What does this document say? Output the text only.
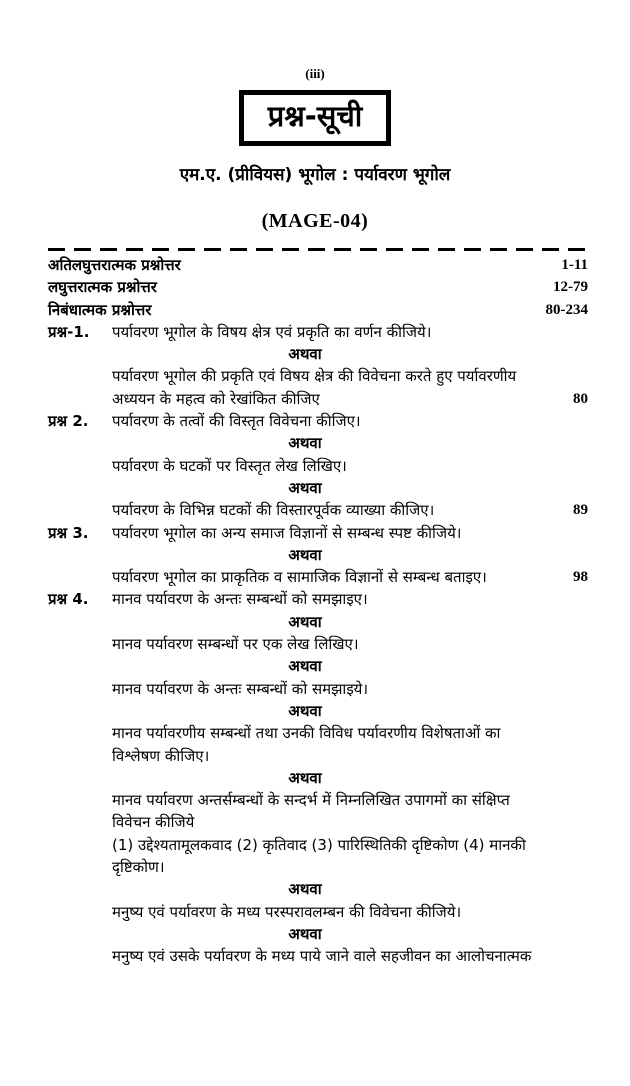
(iii)
प्रश्न-सूची
एम.ए. (प्रीवियस) भूगोल : पर्यावरण भूगोल
(MAGE-04)
अतिलघुत्तरात्मक प्रश्नोत्तर	1-11
लघुत्तरात्मक प्रश्नोत्तर	12-79
निबंधात्मक प्रश्नोत्तर	80-234
प्रश्न-1. पर्यावरण भूगोल के विषय क्षेत्र एवं प्रकृति का वर्णन कीजिये।
अथवा
पर्यावरण भूगोल की प्रकृति एवं विषय क्षेत्र की विवेचना करते हुए पर्यावरणीय
अध्ययन के महत्व को रेखांकित कीजिए	80
प्रश्न 2. पर्यावरण के तत्वों की विस्तृत विवेचना कीजिए।
अथवा
पर्यावरण के घटकों पर विस्तृत लेख लिखिए।
अथवा
पर्यावरण के विभिन्न घटकों की विस्तारपूर्वक व्याख्या कीजिए।	89
प्रश्न 3. पर्यावरण भूगोल का अन्य समाज विज्ञानों से सम्बन्ध स्पष्ट कीजिये।
अथवा
पर्यावरण भूगोल का प्राकृतिक व सामाजिक विज्ञानों से सम्बन्ध बताइए।	98
प्रश्न 4. मानव पर्यावरण के अन्तः सम्बन्धों को समझाइए।
अथवा
मानव पर्यावरण सम्बन्धों पर एक लेख लिखिए।
अथवा
मानव पर्यावरण के अन्तः सम्बन्धों को समझाइये।
अथवा
मानव पर्यावरणीय सम्बन्धों तथा उनकी विविध पर्यावरणीय विशेषताओं का
विश्लेषण कीजिए।
अथवा
मानव पर्यावरण अन्तर्सम्बन्धों के सन्दर्भ में निम्नलिखित उपागमों का संक्षिप्त
विवेचन कीजिये
(1) उद्देश्यतामूलकवाद (2) कृतिवाद (3) पारिस्थितिकी दृष्टिकोण (4) मानकी
दृष्टिकोण।
अथवा
मनुष्य एवं पर्यावरण के मध्य परस्परावलम्बन की विवेचना कीजिये।
अथवा
मनुष्य एवं उसके पर्यावरण के मध्य पाये जाने वाले सहजीवन का आलोचनात्मक
